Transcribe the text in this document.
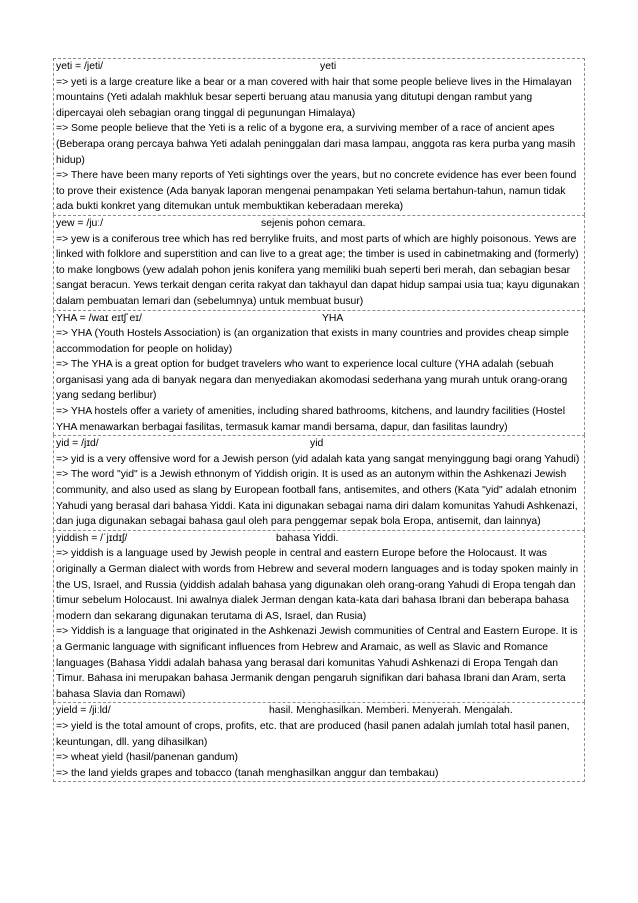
yeti = /jeti/	yeti
=> yeti is a large creature like a bear or a man covered with hair that some people believe lives in the Himalayan mountains (Yeti adalah makhluk besar seperti beruang atau manusia yang ditutupi dengan rambut yang dipercayai oleh sebagian orang tinggal di pegunungan Himalaya)
=> Some people believe that the Yeti is a relic of a bygone era, a surviving member of a race of ancient apes (Beberapa orang percaya bahwa Yeti adalah peninggalan dari masa lampau, anggota ras kera purba yang masih hidup)
=> There have been many reports of Yeti sightings over the years, but no concrete evidence has ever been found to prove their existence (Ada banyak laporan mengenai penampakan Yeti selama bertahun-tahun, namun tidak ada bukti konkret yang ditemukan untuk membuktikan keberadaan mereka)
yew = /juː/	sejenis pohon cemara.
=> yew is a coniferous tree which has red berrylike fruits, and most parts of which are highly poisonous. Yews are linked with folklore and superstition and can live to a great age; the timber is used in cabinetmaking and (formerly) to make longbows (yew adalah pohon jenis konifera yang memiliki buah seperti beri merah, dan sebagian besar sangat beracun. Yews terkait dengan cerita rakyat dan takhayul dan dapat hidup sampai usia tua; kayu digunakan dalam pembuatan lemari dan (sebelumnya) untuk membuat busur)
YHA = /waɪ eɪtʃˈeɪ/	YHA
=> YHA (Youth Hostels Association) is (an organization that exists in many countries and provides cheap simple accommodation for people on holiday)
=> The YHA is a great option for budget travelers who want to experience local culture (YHA adalah (sebuah organisasi yang ada di banyak negara dan menyediakan akomodasi sederhana yang murah untuk orang-orang yang sedang berlibur)
=> YHA hostels offer a variety of amenities, including shared bathrooms, kitchens, and laundry facilities (Hostel YHA menawarkan berbagai fasilitas, termasuk kamar mandi bersama, dapur, dan fasilitas laundry)
yid = /jɪd/	yid
=> yid is a very offensive word for a Jewish person (yid adalah kata yang sangat menyinggung bagi orang Yahudi)
=> The word "yid" is a Jewish ethnonym of Yiddish origin. It is used as an autonym within the Ashkenazi Jewish community, and also used as slang by European football fans, antisemites, and others (Kata "yid" adalah etnonim Yahudi yang berasal dari bahasa Yiddi. Kata ini digunakan sebagai nama diri dalam komunitas Yahudi Ashkenazi, dan juga digunakan sebagai bahasa gaul oleh para penggemar sepak bola Eropa, antisemit, dan lainnya)
yiddish = /ˈjɪdɪʃ/	bahasa Yiddi.
=> yiddish is a language used by Jewish people in central and eastern Europe before the Holocaust. It was originally a German dialect with words from Hebrew and several modern languages and is today spoken mainly in the US, Israel, and Russia (yiddish adalah bahasa yang digunakan oleh orang-orang Yahudi di Eropa tengah dan timur sebelum Holocaust. Ini awalnya dialek Jerman dengan kata-kata dari bahasa Ibrani dan beberapa bahasa modern dan sekarang digunakan terutama di AS, Israel, dan Rusia)
=> Yiddish is a language that originated in the Ashkenazi Jewish communities of Central and Eastern Europe. It is a Germanic language with significant influences from Hebrew and Aramaic, as well as Slavic and Romance languages (Bahasa Yiddi adalah bahasa yang berasal dari komunitas Yahudi Ashkenazi di Eropa Tengah dan Timur. Bahasa ini merupakan bahasa Jermanik dengan pengaruh signifikan dari bahasa Ibrani dan Aram, serta bahasa Slavia dan Romawi)
yield = /jiːld/	hasil. Menghasilkan. Memberi. Menyerah. Mengalah.
=> yield is the total amount of crops, profits, etc. that are produced (hasil panen adalah jumlah total hasil panen, keuntungan, dll. yang dihasilkan)
=> wheat yield (hasil/panenan gandum)
=> the land yields grapes and tobacco (tanah menghasilkan anggur dan tembakau)
